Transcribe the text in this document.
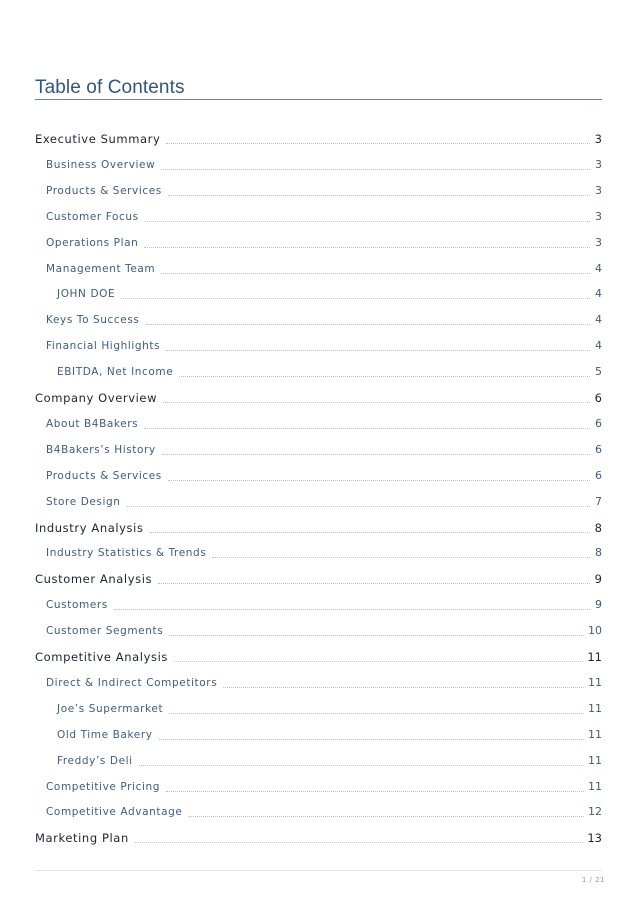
Table of Contents
Executive Summary	3
Business Overview	3
Products & Services	3
Customer Focus	3
Operations Plan	3
Management Team	4
JOHN DOE	4
Keys To Success	4
Financial Highlights	4
EBITDA, Net Income	5
Company Overview	6
About B4Bakers	6
B4Bakers’s History	6
Products & Services	6
Store Design	7
Industry Analysis	8
Industry Statistics & Trends	8
Customer Analysis	9
Customers	9
Customer Segments	10
Competitive Analysis	11
Direct & Indirect Competitors	11
Joe’s Supermarket	11
Old Time Bakery	11
Freddy’s Deli	11
Competitive Pricing	11
Competitive Advantage	12
Marketing Plan	13
1 / 21
